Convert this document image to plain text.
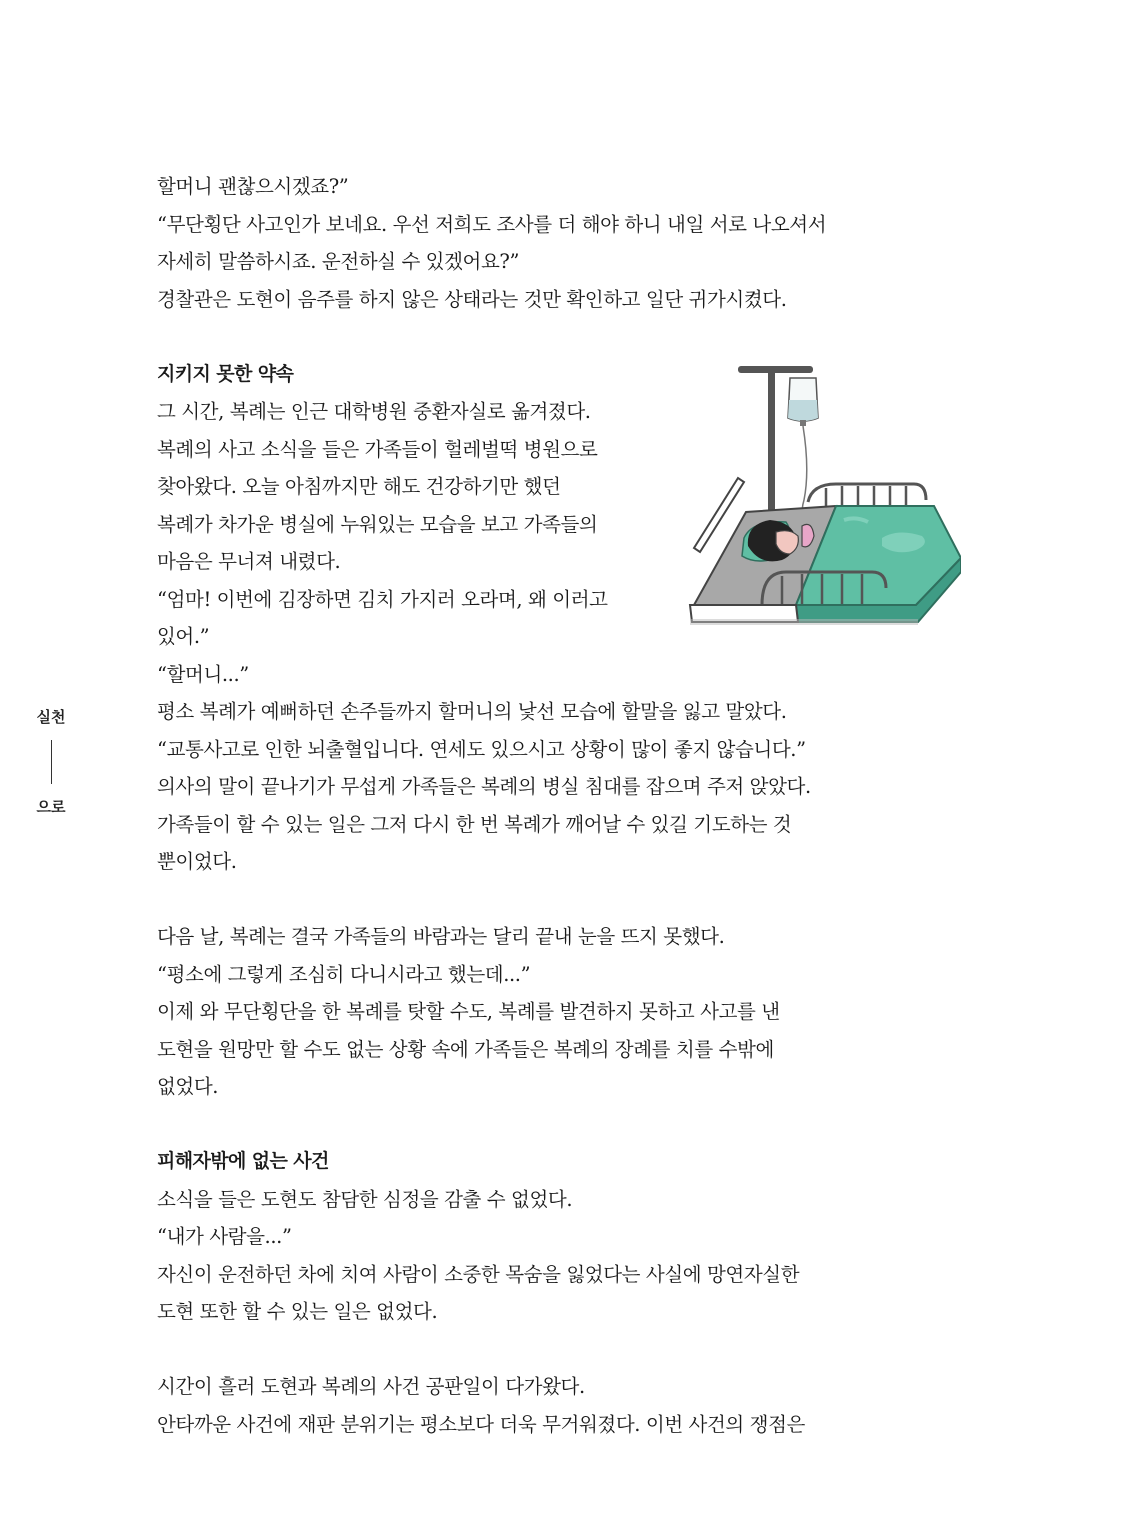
실천
으로
할머니 괜찮으시겠죠?”
“무단횡단 사고인가 보네요. 우선 저희도 조사를 더 해야 하니 내일 서로 나오셔서
자세히 말씀하시죠. 운전하실 수 있겠어요?”
경찰관은 도현이 음주를 하지 않은 상태라는 것만 확인하고 일단 귀가시켰다.
지키지 못한 약속
그 시간, 복례는 인근 대학병원 중환자실로 옮겨졌다.
복례의 사고 소식을 들은 가족들이 헐레벌떡 병원으로
찾아왔다. 오늘 아침까지만 해도 건강하기만 했던
복례가 차가운 병실에 누워있는 모습을 보고 가족들의
마음은 무너져 내렸다.
“엄마! 이번에 김장하면 김치 가지러 오라며, 왜 이러고
있어.”
“할머니...”
평소 복례가 예뻐하던 손주들까지 할머니의 낯선 모습에 할말을 잃고 말았다.
“교통사고로 인한 뇌출혈입니다. 연세도 있으시고 상황이 많이 좋지 않습니다.”
의사의 말이 끝나기가 무섭게 가족들은 복례의 병실 침대를 잡으며 주저 앉았다.
가족들이 할 수 있는 일은 그저 다시 한 번 복례가 깨어날 수 있길 기도하는 것
뿐이었다.
다음 날, 복례는 결국 가족들의 바람과는 달리 끝내 눈을 뜨지 못했다.
“평소에 그렇게 조심히 다니시라고 했는데...”
이제 와 무단횡단을 한 복례를 탓할 수도, 복례를 발견하지 못하고 사고를 낸
도현을 원망만 할 수도 없는 상황 속에 가족들은 복례의 장례를 치를 수밖에
없었다.
피해자밖에 없는 사건
소식을 들은 도현도 참담한 심정을 감출 수 없었다.
“내가 사람을...”
자신이 운전하던 차에 치여 사람이 소중한 목숨을 잃었다는 사실에 망연자실한
도현 또한 할 수 있는 일은 없었다.
시간이 흘러 도현과 복례의 사건 공판일이 다가왔다.
안타까운 사건에 재판 분위기는 평소보다 더욱 무거워졌다. 이번 사건의 쟁점은
